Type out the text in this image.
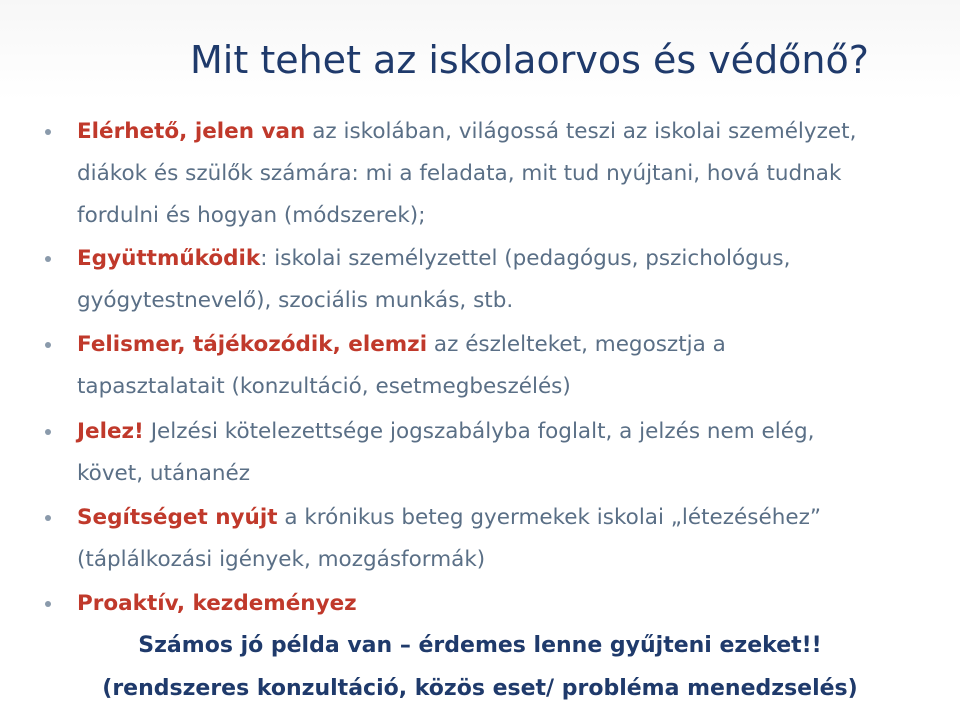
Mit tehet az iskolaorvos és védőnő?
Elérhető, jelen van az iskolában, világossá teszi az iskolai személyzet,
diákok és szülők számára: mi a feladata, mit tud nyújtani, hová tudnak
fordulni és hogyan (módszerek);
Együttműködik: iskolai személyzettel (pedagógus, pszichológus,
gyógytestnevelő), szociális munkás, stb.
Felismer, tájékozódik, elemzi az észlelteket, megosztja a
tapasztalatait (konzultáció, esetmegbeszélés)
Jelez! Jelzési kötelezettsége jogszabályba foglalt, a jelzés nem elég,
követ, utánanéz
Segítséget nyújt a krónikus beteg gyermekek iskolai „létezéséhez”
(táplálkozási igények, mozgásformák)
Proaktív, kezdeményez
Számos jó példa van – érdemes lenne gyűjteni ezeket!!
(rendszeres konzultáció, közös eset/ probléma menedzselés)
